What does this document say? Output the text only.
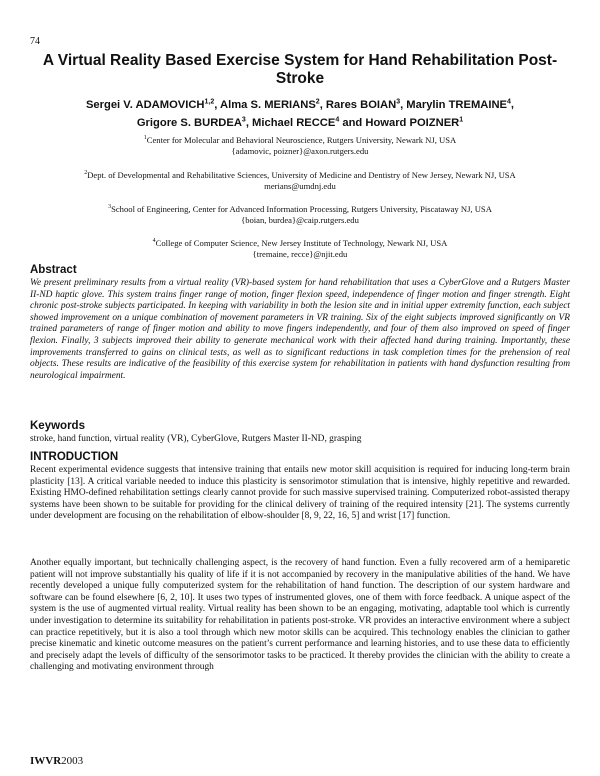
74
A Virtual Reality Based Exercise System for Hand Rehabilitation Post-Stroke
Sergei V. ADAMOVICH$^{1,2}$, Alma S. MERIANS$^2$, Rares BOIAN$^3$, Marylin TREMAINE$^4$,
Grigore S. BURDEA$^3$, Michael RECCE$^4$ and Howard POIZNER$^1$
$^1$Center for Molecular and Behavioral Neuroscience, Rutgers University, Newark NJ, USA
{adamovic, poizner}@axon.rutgers.edu
$^2$Dept. of Developmental and Rehabilitative Sciences, University of Medicine and Dentistry of New Jersey, Newark NJ, USA
merians@umdnj.edu
$^3$School of Engineering, Center for Advanced Information Processing, Rutgers University, Piscataway NJ, USA
{boian, burdea}@caip.rutgers.edu
$^4$College of Computer Science, New Jersey Institute of Technology, Newark NJ, USA
{tremaine, recce}@njit.edu
Abstract
We present preliminary results from a virtual reality (VR)-based system for hand rehabilitation that uses a CyberGlove and a Rutgers Master II-ND haptic glove. This system trains finger range of motion, finger flexion speed, independence of finger motion and finger strength. Eight chronic post-stroke subjects participated. In keeping with variability in both the lesion site and in initial upper extremity function, each subject showed improvement on a unique combination of movement parameters in VR training. Six of the eight subjects improved significantly on VR trained parameters of range of finger motion and ability to move fingers independently, and four of them also improved on speed of finger flexion. Finally, 3 subjects improved their ability to generate mechanical work with their affected hand during training. Importantly, these improvements transferred to gains on clinical tests, as well as to significant reductions in task completion times for the prehension of real objects. These results are indicative of the feasibility of this exercise system for rehabilitation in patients with hand dysfunction resulting from neurological impairment.
Keywords
stroke, hand function, virtual reality (VR), CyberGlove, Rutgers Master II-ND, grasping
INTRODUCTION
Recent experimental evidence suggests that intensive training that entails new motor skill acquisition is required for inducing long-term brain plasticity [13]. A critical variable needed to induce this plasticity is sensorimotor stimulation that is intensive, highly repetitive and rewarded. Existing HMO-defined rehabilitation settings clearly cannot provide for such massive supervised training. Computerized robot-assisted therapy systems have been shown to be suitable for providing for the clinical delivery of training of the required intensity [21]. The systems currently under development are focusing on the rehabilitation of elbow-shoulder [8, 9, 22, 16, 5] and wrist [17] function.
Another equally important, but technically challenging aspect, is the recovery of hand function. Even a fully recovered arm of a hemiparetic patient will not improve substantially his quality of life if it is not accompanied by recovery in the manipulative abilities of the hand. We have recently developed a unique fully computerized system for the rehabilitation of hand function. The description of our system hardware and software can be found elsewhere [6, 2, 10]. It uses two types of instrumented gloves, one of them with force feedback. A unique aspect of the system is the use of augmented virtual reality. Virtual reality has been shown to be an engaging, motivating, adaptable tool which is currently under investigation to determine its suitability for rehabilitation in patients post-stroke. VR provides an interactive environment where a subject can practice repetitively, but it is also a tool through which new motor skills can be acquired. This technology enables the clinician to gather precise kinematic and kinetic outcome measures on the patient’s current performance and learning histories, and to use these data to efficiently and precisely adapt the levels of difficulty of the sensorimotor tasks to be practiced. It thereby provides the clinician with the ability to create a challenging and motivating environment through
IWVR2003
